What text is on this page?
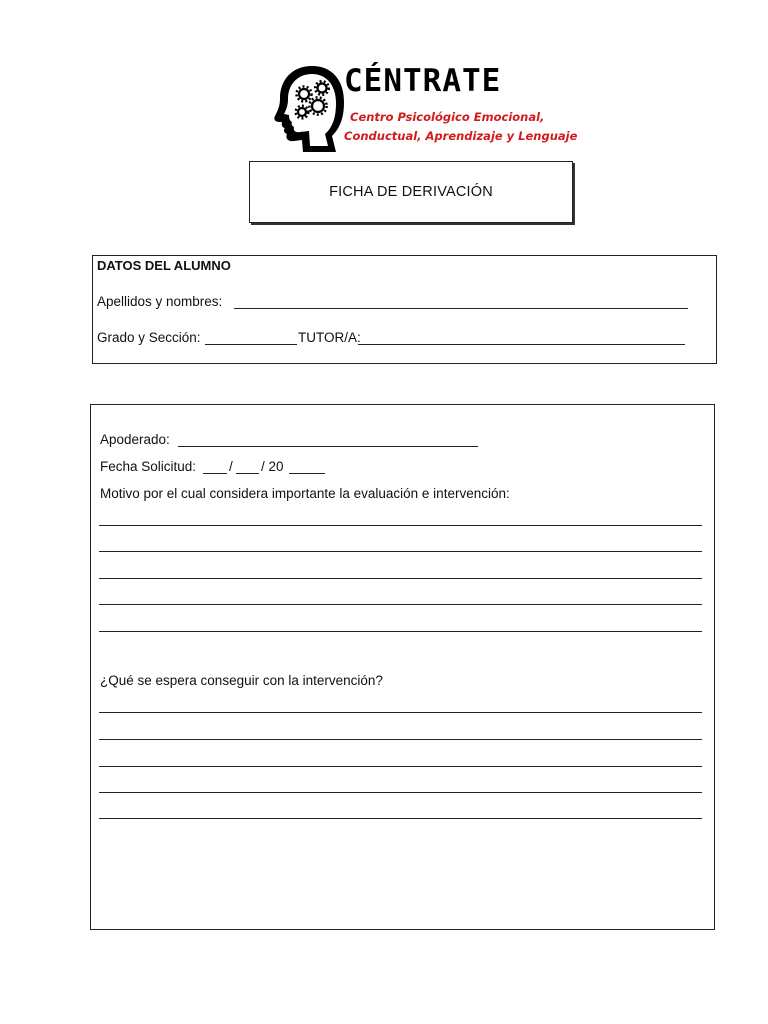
CÉNTRATE
Centro Psicológico Emocional,
Conductual, Aprendizaje y Lenguaje
FICHA DE DERIVACIÓN
DATOS DEL ALUMNO
Apellidos y nombres:
Grado y Sección:	TUTOR/A:
Apoderado:
Fecha Solicitud: / / 20
Motivo por el cual considera importante la evaluación e intervención:
¿Qué se espera conseguir con la intervención?
